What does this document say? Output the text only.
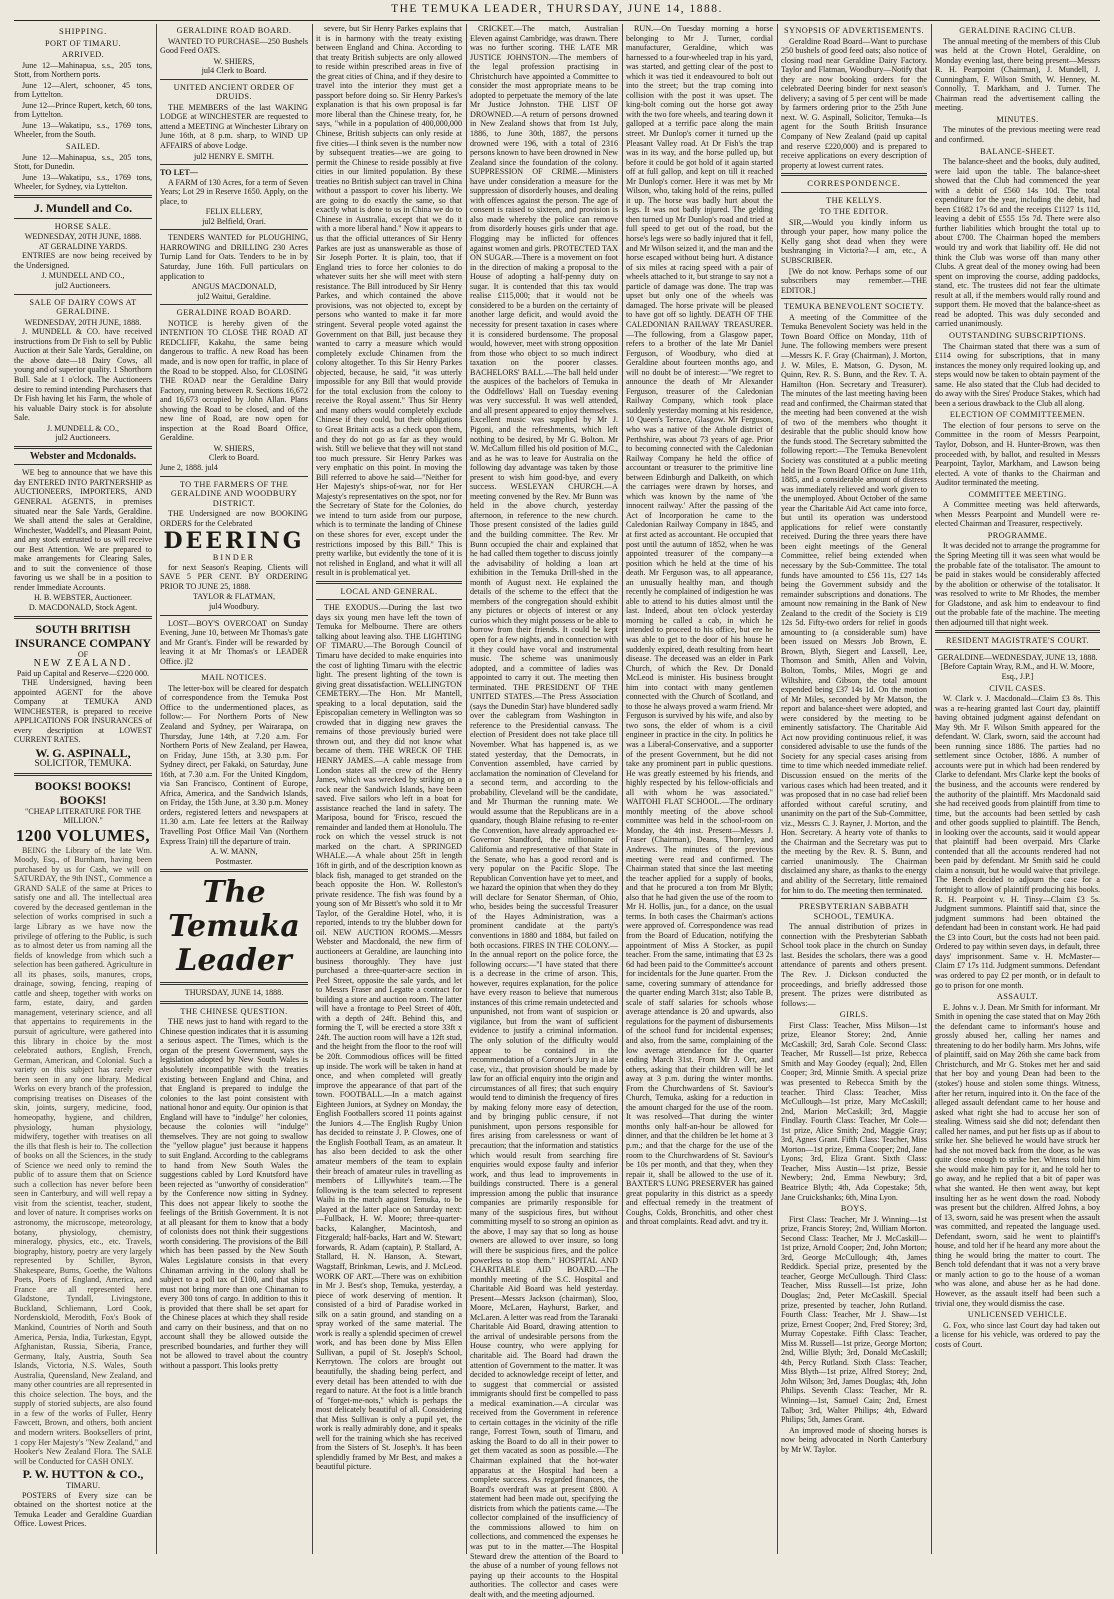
THE TEMUKA LEADER, THURSDAY, JUNE 14, 1888.
SHIPPING.
PORT OF TIMARU.
ARRIVED.

June 12—Mahinapua, s.s., 205 tons, Stott, from Northern ports.

June 12—Alert, schooner, 45 tons, from Lyttelton.

June 12—Prince Rupert, ketch, 60 tons, from Lyttelton.

June 13—Wakatipu, s.s., 1769 tons, Wheeler, from the South.

SAILED.

June 12—Mahinapua, s.s., 205 tons, Stott, for Dunedin.

June 13—Wakatipu, s.s., 1769 tons, Wheeler, for Sydney, via Lyttelton.

J. Mundell and Co.
HORSE SALE.
WEDNESDAY, 20TH JUNE, 1888.
AT GERALDINE YARDS.

ENTRIES are now being received by the Undersigned.

J. MUNDELL AND CO.,
jul2 Auctioneers.
SALE OF DAIRY COWS AT GERALDINE.
WEDNESDAY, 20TH JUNE, 1888.

J. MUNDELL & CO. have received instructions from Dr Fish to sell by Public Auction at their Sale Yards, Geraldine, on the above date—18 Dairy Cows, all young and of superior quality. 1 Shorthorn Bull. Sale at 1 o'clock. The Auctioneers desire to remind intending Purchasers that Dr Fish having let his Farm, the whole of his valuable Dairy stock is for absolute Sale.

J. MUNDELL & CO.,
jul2 Auctioneers.
Webster and Mcdonalds.

WE beg to announce that we have this day ENTERED INTO PARTNERSHIP as AUCTIONEERS, IMPORTERS, AND GENERAL AGENTS, in premises situated near the Sale Yards, Geraldine. We shall attend the sales at Geraldine, Winchester, Waddell's, and Pleasant Point, and any stock entrusted to us will receive our Best Attention. We are prepared to make arrangements for Clearing Sales, and to suit the convenience of those favoring us we shall be in a position to render Immediate Accounts.

H. B. WEBSTER, Auctioneer.
D. MACDONALD, Stock Agent.
SOUTH BRITISH INSURANCE COMPANY
OF
NEW ZEALAND.
Paid up Capital and Reserve—£220 000.

THE Undersigned, having been appointed AGENT for the above Company at TEMUKA AND WINCHESTER, is prepared to receive APPLICATIONS FOR INSURANCES of every description at LOWEST CURRENT RATES.

W. G. ASPINALL,
SOLICITOR, TEMUKA.
BOOKS! BOOKS! BOOKS!
"CHEAP LITERATURE FOR THE MILLION."
1200 VOLUMES,

BEING the Library of the late Wm. Moody, Esq., of Burnham, having been purchased by us for Cash, we will on SATURDAY, the 9th INST., Commence a GRAND SALE of the same at Prices to satisfy one and all. The intellectual area covered by the deceased gentleman in the selection of works comprised in such a large Library as we have now the privilege of offering to the Public, is such as to almost deter us from naming all the fields of knowledge from which such a selection has been gathered. Agriculture in all its phases, soils, manures, crops, drainage, sowing, fencing, reaping of cattle and sheep, together with works on farm, estate, dairy, and garden management, veterinary science, and all that appertains to requirements in the pursuit of agriculture, were gathered into this library in choice by the most celebrated authors, English, French, German, American, and Colonial. Such a variety on this subject has rarely ever been seen in any one library. Medical Works on every branch of the profession, comprising treatises on Diseases of the skin, joints, surgery, medicine, food, homeopathy, hygiene, and children, physiology, human physiology, midwifery, together with treatises on all the ills that flesh is heir to. The collection of books on all the Sciences, in the study of Science we need only to remind the public of to assure them that on Science such a collection has never before been seen in Canterbury, and will well repay a visit from the scientist, teacher, student, and lover of nature. It comprises works on astronomy, the microscope, meteorology, botany, physiology, chemistry, mineralogy, physics, etc., etc. Travels, biography, history, poetry are very largely represented by Schiller, Byron, Shakespeare, Burns, Goethe, the Waltons Poets, Poets of England, America, and France are all represented here. Gladstone, Tyndall, Livingstone, Buckland, Schliemann, Lord Cook, Nordenskiold, Merodith, Fox's Book of Mankind, Countries of North and South America, Persia, India, Turkestan, Egypt, Afghanistan, Russia, Siberia, France, Germany, Italy, Austria, South Sea Islands, Victoria, N.S. Wales, South Australia, Queensland, New Zealand, and many other countries are all represented in this choice selection. The boys, and the supply of storied subjects, are also found in a few of the works of Fuller, Henry Fawcett, Brown, and others, both ancient and modern writers. Booksellers of print, 1 copy Her Majesty's "New Zealand," and Hooker's New Zealand Flora. The SALE will be Conducted for CASH ONLY.

P. W. HUTTON & CO.,
TIMARU.

POSTERS of Every size can be obtained on the shortest notice at the Temuka Leader and Geraldine Guardian Office. Lowest Prices.

GERALDINE ROAD BOARD.

WANTED TO PURCHASE—250 Bushels Good Feed OATS.

W. SHIERS,
jul4 Clerk to Board.
UNITED ANCIENT ORDER OF DRUIDS.

THE MEMBERS of the last WAKING LODGE at WINCHESTER are requested to attend a MEETING at Winchester Library on June 16th, at 8 p.m. sharp, to WIND UP AFFAIRS of above Lodge.

jul2 HENRY E. SMITH.
TO LET—

A FARM of 130 Acres, for a term of Seven Years; Lot 29 in Reserve 1650. Apply, on the place, to

FELIX ELLERY,
jul2 Belfield, Orari.

TENDERS WANTED for PLOUGHING, HARROWING and DRILLING 230 Acres Turnip Land for Oats. Tenders to be in by Saturday, June 16th. Full particulars on application to

ANGUS MACDONALD,
jul2 Waitui, Geraldine.
GERALDINE ROAD BOARD.

NOTICE is hereby given of the INTENTION TO CLOSE THE ROAD AT REDCLIFF, Kakahu, the same being dangerous to traffic. A new Road has been made, and is now open for traffic, in place of the Road to be stopped. Also, for CLOSING THE ROAD near the Geraldine Dairy Factory, running between R. Sections 16,672 and 16,673 occupied by John Allan. Plans showing the Road to be closed, and of the new line of Road, are now open for inspection at the Road Board Office, Geraldine.

W. SHIERS,
Clerk to Board.
June 2, 1888. jul4
TO THE FARMERS OF THE GERALDINE AND WOODBURY DISTRICT.

THE Undersigned are now BOOKING ORDERS for the Celebrated

DEERING
BINDER

for next Season's Reaping. Clients will SAVE 5 PER CENT. BY ORDERING PRIOR TO JUNE 25, 1888.

TAYLOR & FLATMAN,
jul4 Woodbury.

LOST—BOY'S OVERCOAT on Sunday Evening, June 10, between Mr Thomas's gate and Mr Grant's. Finder will be rewarded by leaving it at Mr Thomas's or LEADER Office. jl2

MAIL NOTICES.

The letter-box will be cleared for despatch of correspondence from the Temuka Post Office to the undermentioned places, as follow:— For Northern Ports of New Zealand and Sydney, per Wairarapa, on Thursday, June 14th, at 7.20 a.m. For Northern Ports of New Zealand, per Hawea, on Friday, June 15th, at 3.30 p.m. For Sydney direct, per Fakaki, on Saturday, June 16th, at 7.30 a.m. For the United Kingdom, via San Francisco, Continent of Europe, Africa, America, and the Sandwich Islands, on Friday, the 15th June, at 3.30 p.m. Money orders, registered letters and newspapers at 11.30 a.m. Late fee letters at the Railway Travelling Post Office Mail Van (Northern Express Train) till the departure of train.

A. W. MANN,
Postmaster.
The Temuka Leader
THURSDAY, JUNE 14, 1888.
THE CHINESE QUESTION.

THE news just to hand with regard to the Chinese question indicates that it is assuming a serious aspect. The Times, which is the organ of the present Government, says the legislation adopted by New South Wales is absolutely incompatible with the treaties existing between England and China, and that England is prepared to indulge the colonies to the last point consistent with national honor and equity. Our opinion is that England will have to "indulge" her colonies, because the colonies will "indulge" themselves. They are not going to swallow the "yellow plague" just because it happens to suit England. According to the cablegrams to hand from New South Wales the suggestions cabled by Lord Knutsford have been rejected as "unworthy of consideration" by the Conference now sitting in Sydney. This does not appear likely to soothe the feelings of the British Government. It is not at all pleasant for them to know that a body of colonists does not think their suggestions worth considering. The provisions of the Bill which has been passed by the New South Wales Legislature consists in that every Chinaman arriving in the colony shall be subject to a poll tax of £100, and that ships must not bring more than one Chinaman to every 300 tons of cargo. In addition to this it is provided that there shall be set apart for the Chinese places at which they shall reside and carry on their business, and that on no account shall they be allowed outside the prescribed boundaries, and further they will not be allowed to travel about the country without a passport. This looks pretty

severe, but Sir Henry Parkes explains that it is in harmony with the treaty existing between England and China. According to that treaty British subjects are only allowed to reside within prescribed areas in five of the great cities of China, and if they desire to travel into the interior they must get a passport before doing so. Sir Henry Parkes's explanation is that his own proposal is far more liberal than the Chinese treaty, for, he says, "while in a population of 400,000,000 Chinese, British subjects can only reside at five cities—I think seven is the number now by subsequent treaties—we are going to permit the Chinese to reside possibly at five cities in our limited population. By these treaties no British subject can travel in China without a passport to cover his liberty. We are going to do exactly the same, so that exactly what is done to us in China we do to Chinese in Australia, except that we do it with a more liberal hand." Now it appears to us that the official utterances of Sir Henry Parkes are just as unanswerable as those of Sir Joseph Porter. It is plain, too, that if England tries to force her colonies to do whatever suits her she will meet with stern resistance. The Bill introduced by Sir Henry Parkes, and which contained the above provisions, was not objected to, except by persons who wanted to make it far more stringent. Several people voted against the Government on that Bill, just because they wanted to carry a measure which would completely exclude Chinamen from the colony altogether. To this Sir Henry Parkes objected, because, he said, "it was utterly impossible for any Bill that would provide for the total exclusion from the colony to receive the Royal assent." Thus Sir Henry and many others would completely exclude Chinese if they could, but their obligations to Great Britain acts as a check upon them, and they do not go as far as they would wish. Still we believe that they will not stand too much pressure. Sir Henry Parkes was very emphatic on this point. In moving the Bill referred to above he said—"Neither for Her Majesty's ships-of-war, nor for Her Majesty's representatives on the spot, nor for the Secretary of State for the Colonies, do we intend to turn aside from our purpose, which is to terminate the landing of Chinese on these shores for ever, except under the restrictions imposed by this Bill." This is pretty warlike, but evidently the tone of it is not relished in England, and what it will all result in is problematical yet.

LOCAL AND GENERAL.

THE EXODUS.—During the last two days six young men have left the town of Temuka for Melbourne. There are others talking about leaving also. THE LIGHTING OF TIMARU.—The Borough Council of Timaru have decided to make enquiries into the cost of lighting Timaru with the electric light. The present lighting of the town is giving great dissatisfaction. WELLINGTON CEMETERY.—The Hon. Mr Mantell, speaking to a local deputation, said the Episcopalian cemetery in Wellington was so crowded that in digging new graves the remains of those previously buried were thrown out, and they did not know what became of them. THE WRECK OF THE HENRY JAMES.—A cable message from London states all the crew of the Henry James, which was wrecked by striking on a rock near the Sandwich Islands, have been saved. Five sailors who left in a boat for assistance reached the land in safety. The Mariposa, bound for 'Frisco, rescued the remainder and landed them at Honolulu. The rock on which the vessel struck is not marked on the chart. A SPRINGED WHALE.—A whale about 25ft in length 16ft in girth, and of the description known as black fish, managed to get stranded on the beach opposite the Hon. W. Rolleston's private residence. The fish was found by a young son of Mr Bissett's who sold it to Mr Taylor, of the Geraldine Hotel, who, it is reported, intends to try the blubber down for oil. NEW AUCTION ROOMS.—Messrs Webster and Macdonald, the new firm of auctioneers at Geraldine, are launching into business thoroughly. They have just purchased a three-quarter-acre section in Peel Street, opposite the sale yards, and let to Messrs Fraser and Legatte a contract for building a store and auction room. The latter will have a frontage to Peel Street of 40ft, with a depth of 24ft. Behind this, and forming the T, will be erected a store 33ft x 24ft. The auction room will have a 12ft stud, and the height from the floor to the roof will be 20ft. Commodious offices will be fitted up inside. The work will be taken in hand at once, and when completed will greatly improve the appearance of that part of the town. FOOTBALL.—In a match against Eighteen Juniors, at Sydney on Monday, the English Footballers scored 11 points against the Juniors 4.—The English Rugby Union has decided to reinstate J. P. Clowes, one of the English Football Team, as an amateur. It has also been decided to ask the other amateur members of the team to explain their breach of amateur rules in travelling as members of Lillywhite's team.—The following is the team selected to represent Waihi in the match against Temuka, to be played at the latter place on Saturday next:—Fullback, H. W. Moore; three-quarter-backs, Kalangher, Macintosh, and Fitzgerald; half-backs, Hart and W. Stewart; forwards, R. Adam (captain), P. Stallard, A. Stallard, H. N. Hanson, A. Stewart, Wagstaff, Brinkman, Lewis, and J. McLeod. WORK OF ART.—There was on exhibition in Mr J. Best's shop, Temuka, yesterday, a piece of work deserving of mention. It consisted of a bird of Paradise worked in silk on a satin ground, and standing on a spray worked of the same material. The work is really a splendid specimen of crewel work, and has been done by Miss Ellen Sullivan, a pupil of St. Joseph's School, Kerrytown. The colors are brought out beautifully, the shading being perfect, and every detail has been attended to with due regard to nature. At the foot is a little branch of "forget-me-nots," which is perhaps the most delicately beautiful of all. Considering that Miss Sullivan is only a pupil yet, the work is really admirably done, and it speaks well for the training which she has received from the Sisters of St. Joseph's. It has been splendidly framed by Mr Best, and makes a beautiful picture.

CRICKET.—The match, Australian Eleven against Cambridge, was drawn. There was no further scoring. THE LATE MR JUSTICE JOHNSTON.—The members of the legal profession practising in Christchurch have appointed a Committee to consider the most appropriate means to be adopted to perpetuate the memory of the late Mr Justice Johnston. THE LIST OF DROWNED.—A return of persons drowned in New Zealand shows that from 1st July, 1886, to June 30th, 1887, the persons drowned were 196, with a total of 2316 persons known to have been drowned in New Zealand since the foundation of the colony. SUPPRESSION OF CRIME.—Ministers have under consideration a measure for the suppression of disorderly houses, and dealing with offences against the person. The age of consent is raised to sixteen, and provision is also made whereby the police can remove from disorderly houses girls under that age. Flogging may be inflicted for offences against women and girls. PROTECTED TAX ON SUGAR.—There is a movement on foot in the direction of making a proposal to the House of adopting a half-penny duty on sugar. It is contended that this tax would realise £115,000; that it would not be considered to be a burden on the certainty of another large deficit, and would avoid the necessity for present taxation in cases where it is considered burdensome. The proposal would, however, meet with strong opposition from those who object to so much indirect taxation on the poorer classes. BACHELORS' BALL.—The ball held under the auspices of the bachelors of Temuka in the Oddfellows' Hall on Tuesday evening was very successful. It was well attended, and all present appeared to enjoy themselves. Excellent music was supplied by Mr J. Pigoni, and the refreshments, which left nothing to be desired, by Mr G. Bolton. Mr W. McCallum filled his old position of M.C., and as he was to leave for Australia on the following day advantage was taken by those present to wish him good-bye, and every success. WESLEYAN CHURCH.—A meeting convened by the Rev. Mr Bunn was held in the above church, yesterday afternoon, in reference to the new church. Those present consisted of the ladies guild and the building committee. The Rev. Mr Bunn occupied the chair and explained that he had called them together to discuss jointly the advisability of holding a loan art exhibition in the Temuka Drill-shed in the month of August next. He explained the details of the scheme to the effect that the members of the congregation should exhibit any pictures or objects of interest or any curios which they might possess or be able to borrow from their friends. It could be kept open for a few nights, and in connection with it they could have vocal and instrumental music. The scheme was unanimously adopted, and a committee of ladies was appointed to carry it out. The meeting then terminated. THE PRESIDENT OF THE UNITED STATES.—The Press Association (says the Dunedin Star) have blundered sadly over the cablegram from Washington in reference to the Presidential canvass. The election of President does not take place till November. What has happened is, as we stated yesterday, that the Democrats, in Convention assembled, have carried by acclamation the nomination of Cleveland for a second term, and according to the probability, Cleveland will be the candidate, and Mr Thurman the running mate. We would assume that the Republicans are in a quandary, though Blaine refusing to re-enter the Convention, have already approached ex-Governor Standford, the millionaire of California and representative of that State in the Senate, who has a good record and is very popular on the Pacific Slope. The Republican Convention have yet to meet, and we hazard the opinion that when they do they will declare for Senator Sherman, of Ohio, who, besides being the successful Treasurer of the Hayes Administration, was a prominent candidate at the party's conventions in 1880 and 1884, but failed on both occasions. FIRES IN THE COLONY.—In the annual report on the police force, the following occurs:—"I have stated that there is a decrease in the crime of arson. This, however, requires explanation, for the police have every reason to believe that numerous instances of this crime remain undetected and unpunished, not from want of suspicion or vigilance, but from the want of sufficient evidence to justify a criminal information. The only solution of the difficulty would appear to be contained in the recommendation of a Coroner's Jury in a late case, viz., that provision should be made by law for an official enquiry into the origin and circumstances of all fires; that such enquiry would tend to diminish the frequency of fires by making felony more easy of detection, and by bringing public censure, if not punishment, upon persons responsible for fires arising from carelessness or want of precaution; that the information and statistics which would result from searching fire enquiries would expose faulty and inferior work, and thus lead to improvements in buildings constructed. There is a general impression among the public that insurance companies are primarily responsible for many of the suspicious fires, but without committing myself to so strong an opinion as the above, I may say that so long as house owners are allowed to over insure, so long will there be suspicious fires, and the police powerless to stop them." HOSPITAL AND CHARITABLE AID BOARD.—The monthly meeting of the S.C. Hospital and Charitable Aid Board was held yesterday. Present—Messrs Jackson (chairman), Sloo, Moore, McLaren, Hayhurst, Barker, and McLaren. A letter was read from the Taranaki Charitable Aid Board, drawing attention to the arrival of undesirable persons from the House country, who were applying for charitable aid. The Board had drawn the attention of Government to the matter. It was decided to acknowledge receipt of letter, and to suggest that commercial or assisted immigrants should first be compelled to pass a medical examination.—A circular was received from the Government in reference to certain cottages in the vicinity of the rifle range, Forrest Town, south of Timaru, and asking the Board to do all in their power to get them vacated as soon as possible.—The Chairman explained that the hot-water apparatus at the Hospital had been a complete success. As regarded finances, the Board's overdraft was at present £800. A statement had been made out, specifying the districts from which the patients came.—The collector complained of the insufficiency of the commissions allowed to him on collections, and commenced the expenses he was put to in the matter.—The Hospital Steward drew the attention of the Board to the abuse of a number of young fellows not paying up their accounts to the Hospital authorities. The collector and cases were dealt with, and the meeting adjourned.

RUN.—On Tuesday morning a horse belonging to Mr J. Turner, cordial manufacturer, Geraldine, which was harnessed to a four-wheeled trap in his yard, was started, and getting clear of the post to which it was tied it endeavoured to bolt out into the street; but the trap coming into collision with the post it was upset. The king-bolt coming out the horse got away with the two fore wheels, and tearing down it galloped at a terrific pace along the main street. Mr Dunlop's corner it turned up the Pleasant Valley road. At Dr Fish's the trap was in its way, and the horse pulled up, but before it could be got hold of it again started off at full gallop, and kept on till it reached Mr Dunlop's corner. Here it was met by Mr Wilson, who, taking hold of the reins, pulled it up. The horse was badly hurt about the legs. It was not badly injured. The gelding then turned up Mr Dunlop's road and tried at full speed to get out of the road, but the horse's legs were so badly injured that it fell, and Mr Wilson seized it, and the man and the horse escaped without being hurt. A distance of six miles at racing speed with a pair of wheels attached to it, but strange to say not a particle of damage was done. The trap was upset but only one of the wheels was damaged. The horse private will be pleased to have got off so lightly. DEATH OF THE CALEDONIAN RAILWAY TREASURER.—The following, from a Glasgow paper, refers to a brother of the late Mr Daniel Ferguson, of Woodbury, who died at Geraldine about fourteen months ago, and will no doubt be of interest:—"We regret to announce the death of Mr Alexander Ferguson, treasurer of the Caledonian Railway Company, which took place suddenly yesterday morning at his residence, 10 Queen's Terrace, Glasgow. Mr Ferguson, who was a native of the Athole district of Perthshire, was about 73 years of age. Prior to becoming connected with the Caledonian Railway Company he held the office of accountant or treasurer to the primitive line between Edinburgh and Dalkeith, on which the carriages were drawn by horses, and which was known by the name of 'the innocent railway.' After the passing of the Act of Incorporation he came to the Caledonian Railway Company in 1845, and at first acted as accountant. He occupied that post until the autumn of 1852, when he was appointed treasurer of the company—a position which he held at the time of his death. Mr Ferguson was, to all appearance, an unusually healthy man, and though recently he complained of indigestion he was able to attend to his duties almost until the last. Indeed, about ten o'clock yesterday morning he called a cab, in which he intended to proceed to his office, but ere he was able to get to the door of his house he suddenly expired, death resulting from heart disease. The deceased was an elder in Park Church, of which the Rev. Dr Donald McLeod is minister. His business brought him into contact with many gentlemen connected with the Church of Scotland, and to those he always proved a warm friend. Mr Ferguson is survived by his wife, and also by two sons, the elder of whom is a civil engineer in practice in the city. In politics he was a Liberal-Conservative, and a supporter of the present Government, but he did not take any prominent part in public questions. He was greatly esteemed by his friends, and highly respected by his fellow-officials and all with whom he was associated." WAITOHI FLAT SCHOOL.—The ordinary monthly meeting of the above school committee was held in the school-room on Monday, the 4th inst. Present—Messrs J. Fraser (Chairman), Deans, Thornley, and Andrews. The minutes of the previous meeting were read and confirmed. The Chairman stated that since the last meeting the teacher applied for a supply of books, and that he procured a ton from Mr Blyth; also that he had given the use of the room to Mr H. Hollis, jun., for a dance, on the usual terms. In both cases the Chairman's actions were approved of. Correspondence was read from the Board of Education, notifying the appointment of Miss A Stocker, as pupil teacher. From the same, intimating that £3 2s 6d had been paid to the Committee's account for incidentals for the June quarter. From the same, covering summary of attendance for the quarter ending March 31st; also Table B, scale of staff salaries for schools whose average attendance is 20 and upwards, also regulations for the payment of disbursements of the school fund for incidental expenses; and also, from the same, complaining of the low average attendance for the quarter ending March 31st. From Mr J. Orr, and others, asking that their children will be let away at 3 p.m. during the winter months. From the Churchwardens of St. Saviour's Church, Temuka, asking for a reduction in the amount charged for the use of the room. It was resolved—That during the winter months only half-an-hour be allowed for dinner, and that the children be let home at 3 p.m.; and that the charge for the use of the room to the Churchwardens of St. Saviour's be 10s per month, and that they, when they repair it, shall be allowed to the use of it. BAXTER'S LUNG PRESERVER has gained great popularity in this district as a speedy and effectual remedy in the treatment of Coughs, Colds, Bronchitis, and other chest and throat complaints. Read advt. and try it.

SYNOPSIS OF ADVERTISEMENTS.

Geraldine Road Board—Want to purchase 250 bushels of good feed oats; also notice of closing road near Geraldine Dairy Factory. Taylor and Flatman, Woodbury—Notify that they are now booking orders for the celebrated Deering binder for next season's delivery; a saving of 5 per cent will be made by farmers ordering prior to the 25th June next. W. G. Aspinall, Solicitor, Temuka—Is agent for the South British Insurance Company of New Zealand (paid up capital and reserve £220,000) and is prepared to receive applications on every description of property at lowest current rates.

CORRESPONDENCE.
THE KELLYS.
TO THE EDITOR.

SIR,—Would you kindly inform us through your paper, how many police the Kelly gang shot dead when they were bushranging in Victoria?—I am, etc., A SUBSCRIBER.

[We do not know. Perhaps some of our subscribers may remember.—THE EDITOR.]

TEMUKA BENEVOLENT SOCIETY.

A meeting of the Committee of the Temuka Benevolent Society was held in the Town Board Office on Monday, 11th of June. The following members were present—Messrs K. F. Gray (Chairman), J. Morton, J. W. Miles, E. Matson, G. Dyson, M. Quinn, Rev. R. S. Bunn, and the Rev. T. A. Hamilton (Hon. Secretary and Treasurer). The minutes of the last meeting having been read and confirmed, the Chairman stated that the meeting had been convened at the wish of two of the members who thought it desirable that the public should know how the funds stood. The Secretary submitted the following report:—The Temuka Benevolent Society was constituted at a public meeting held in the Town Board Office on June 11th, 1885, and a considerable amount of distress was immediately relieved and work given to the unemployed. About October of the same year the Charitable Aid Act came into force, but until its operation was understood applications for relief were constantly received. During the three years there have been eight meetings of the General Committee, relief being extended when necessary by the Sub-Committee. The total funds have amounted to £56 11s, £27 14s being the Government subsidy and the remainder subscriptions and donations. The amount now remaining in the Bank of New Zealand to the credit of the Society is £19 12s 5d. Fifty-two orders for relief in goods amounting to (a considerable sum) have been issued on Messrs Job Brown, E. Brown, Blyth, Siegert and Laxsell, Lee, Thomson and Smith, Allen and Volvin, Bolton, Tombs, Miles, Mogri ge and Wiltshire, and Gibson, the total amount expended being £37 14s 1d. On the motion of Mr Miles, seconded by Mr Matson, the report and balance-sheet were adopted, and were considered by the meeting to be eminently satisfactory. The Charitable Aid Act now providing continuous relief, it was considered advisable to use the funds of the Society for any special cases arising from time to time which needed immediate relief. Discussion ensued on the merits of the various cases which had been treated, and it was proposed that in no case had relief been afforded without careful scrutiny, and unanimity on the part of the Sub-Committee, viz., Messrs C. J. Rayner, J. Morton, and the Hon. Secretary. A hearty vote of thanks to the Chairman and the Secretary was put to the meeting by the Rev. R. S. Bunn, and carried unanimously. The Chairman disclaimed any share, as thanks to the energy and ability of the Secretary, little remained for him to do. The meeting then terminated.

PRESBYTERIAN SABBATH SCHOOL, TEMUKA.

The annual distribution of prizes in connection with the Presbyterian Sabbath School took place in the church on Sunday last. Besides the scholars, there was a good attendance of parents and others present. The Rev. J. Dickson conducted the proceedings, and briefly addressed those present. The prizes were distributed as follows:—

GIRLS.

First Class: Teacher, Miss Milson—1st prize, Eleanor Storey; 2nd, Annie McCaskill; 3rd, Sarah Cole. Second Class: Teacher, Mr Russell—1st prize, Rebecca Smith and May Goodey (equal); 2nd, Ellen Cooper; 3rd, Minnie Smith. A special prize was presented to Rebecca Smith by the teacher. Third Class: Teacher, Miss McCullough—1st prize, Mary McCaskill; 2nd, Marion McCaskill; 3rd, Maggie Findlay. Fourth Class: Teacher, Mr Cole—1st prize, Alice Smith; 2nd, Maggie Gray; 3rd, Agnes Grant. Fifth Class: Teacher, Miss Morton—1st prize, Emma Cooper; 2nd, Jane Lyons; 3rd, Eliza Grant. Sixth Class: Teacher, Miss Austin—1st prize, Bessie Newbery; 2nd, Emma Newbury; 3rd, Beatrice Blyth; 4th, Ada Copestake; 5th, Jane Cruickshanks; 6th, Mina Lyon.

BOYS.

First Class: Teacher, Mr J. Winning—1st prize, Francis Storey; 2nd, William Morton. Second Class: Teacher, Mr J. McCaskill—1st prize, Arnold Cooper; 2nd, John Morton; 3rd, George McCullough; 4th, James Reddick. Special prize, presented by the teacher, George McCullough. Third Class: Teacher, Miss Russell—1st prize, John Douglas; 2nd, Peter McCaskill. Special prize, presented by teacher, John Rutland. Fourth Class: Teacher, Mr J. Shaw—1st prize, Ernest Cooper; 2nd, Fred Storey; 3rd, Murray Copestake. Fifth Class: Teacher, Miss M. Russell—1st prize, George Morton; 2nd, Willie Blyth; 3rd, Donald McCaskill; 4th, Percy Rutland. Sixth Class: Teacher, Miss Blyth—1st prize, Alfred Storey; 2nd, John Wilson; 3rd, James Douglas; 4th, John Philips. Seventh Class: Teacher, Mr R. Winning—1st, Samuel Cain; 2nd, Ernest Talbot; 3rd, Walter Philips; 4th, Edward Philips; 5th, James Grant.

An improved mode of shoeing horses is now being advocated in North Canterbury by Mr W. Taylor.

GERALDINE RACING CLUB.

The annual meeting of the members of this Club was held at the Crown Hotel, Geraldine, on Monday evening last, there being present—Messrs R. H. Pearpoint (Chairman), J. Mundell, J. Cunningham, F. Wilson Smith, W. Henney, M. Connolly, T. Markham, and J. Turner. The Chairman read the advertisement calling the meeting.

MINUTES.

The minutes of the previous meeting were read and confirmed.

BALANCE-SHEET.

The balance-sheet and the books, duly audited, were laid upon the table. The balance-sheet showed that the Club had commenced the year with a debit of £560 14s 10d. The total expenditure for the year, including the debit, had been £1682 17s 6d and the receipts £1127 1s 11d, leaving a debit of £555 15s 7d. There were also further liabilities which brought the total up to about £700. The Chairman hoped the members would try and work that liability off. He did not think the Club was worse off than many other Clubs. A great deal of the money owing had been spent on improving the course, adding paddocks, stand, etc. The trustees did not fear the ultimate result at all, if the members would rally round and support them. He moved that the balance-sheet as read be adopted. This was duly seconded and carried unanimously.

OUTSTANDING SUBSCRIPTIONS.

The Chairman stated that there was a sum of £114 owing for subscriptions, that in many instances the money only required looking up, and steps would now be taken to obtain payment of the same. He also stated that the Club had decided to do away with the Sires' Produce Stakes, which had been a serious drawback to the Club all along.

ELECTION OF COMMITTEEMEN.

The election of four persons to serve on the Committee in the room of Messrs Pearpoint, Taylor, Dobson, and H. Hunter-Brown, was then proceeded with, by ballot, and resulted in Messrs Pearpoint, Taylor, Markham, and Lawson being elected. A vote of thanks to the Chairman and Auditor terminated the meeting.

COMMITTEE MEETING.

A Committee meeting was held afterwards, when Messrs Pearpoint and Mundell were re-elected Chairman and Treasurer, respectively.

PROGRAMME.

It was decided not to arrange the programme for the Spring Meeting till it was seen what would be the probable fate of the totalisator. The amount to be paid in stakes would be considerably affected by the abolition or otherwise of the totalisator. It was resolved to write to Mr Rhodes, the member for Gladstone, and ask him to endeavour to find out the probable fate of the machine. The meeting then adjourned till that night week.

RESIDENT MAGISTRATE'S COURT.
GERALDINE—WEDNESDAY, JUNE 13, 1888.
[Before Captain Wray, R.M., and H. W. Moore, Esq., J.P.]
CIVIL CASES.

W. Clark v. J. Macdonald—Claim £3 8s. This was a re-hearing granted last Court day, plaintiff having obtained judgment against defendant on May 9th. Mr F. Wilson Smith appeared for the defendant. W. Clark, sworn, said the account had been running since 1886. The parties had no settlement since October, 1886. A number of accounts were put in which had been rendered by Clarke to defendant. Mrs Clarke kept the books of the business, and the accounts were rendered by the authority of the plaintiff. Mrs Macdonald said she had received goods from plaintiff from time to time, but the accounts had been settled by cash and other goods supplied to plaintiff. The Bench, in looking over the accounts, said it would appear that plaintiff had been overpaid. Mrs Clarke contended that all the accounts rendered had not been paid by defendant. Mr Smith said he could claim a nonsuit, but he would waive that privilege. The Bench decided to adjourn the case for a fortnight to allow of plaintiff producing his books. R. H. Pearpoint v. H. Tinsy—Claim £3 5s. Judgment summons. Plaintiff said that, since the judgment summons had been obtained the defendant had been in constant work. He had paid the £3 into Court, but the costs had not been paid. Ordered to pay within seven days, in default, three days' imprisonment. Same v. H. McMaster—Claim £7 17s 11d. Judgment summons. Defendant was ordered to pay £2 per month, or in default to go to prison for one month.

ASSAULT.

E. Johns v. J. Dean. Mr Smith for informant. Mr Smith in opening the case stated that on May 26th the defendant came to informant's house and grossly abused her, calling her names and threatening to do her bodily harm. Mrs Johns, wife of plaintiff, said on May 26th she came back from Christchurch, and Mr G. Stokes met her and said that her boy and young Dean had been to the (stokes') house and stolen some things. Witness, after her return, inquired into it. On the face of the alleged assault defendant came to her house and asked what right she had to accuse her son of stealing. Witness said she did not; defendant then called her names, and put her fists up as if about to strike her. She believed he would have struck her had she not moved back from the door, as he was quite close enough to strike her. Witness told him she would make him pay for it, and he told her to go away, and he replied that a bit of paper was what she wanted. He then went away, but kept insulting her as he went down the road. Nobody was present but the children. Alfred Johns, a boy of 13, sworn, said he was present when the assault was committed, and repeated the language used. Defendant, sworn, said he went to plaintiff's house, and told her if he heard any more about the thing he would bring the matter to court. The Bench told defendant that it was not a very brave or manly action to go to the house of a woman who was alone, and abuse her as he had done. However, as the assault itself had been such a trivial one, they would dismiss the case.

UNLICENSED VEHICLE.

G. Fox, who since last Court day had taken out a license for his vehicle, was ordered to pay the costs of Court.
